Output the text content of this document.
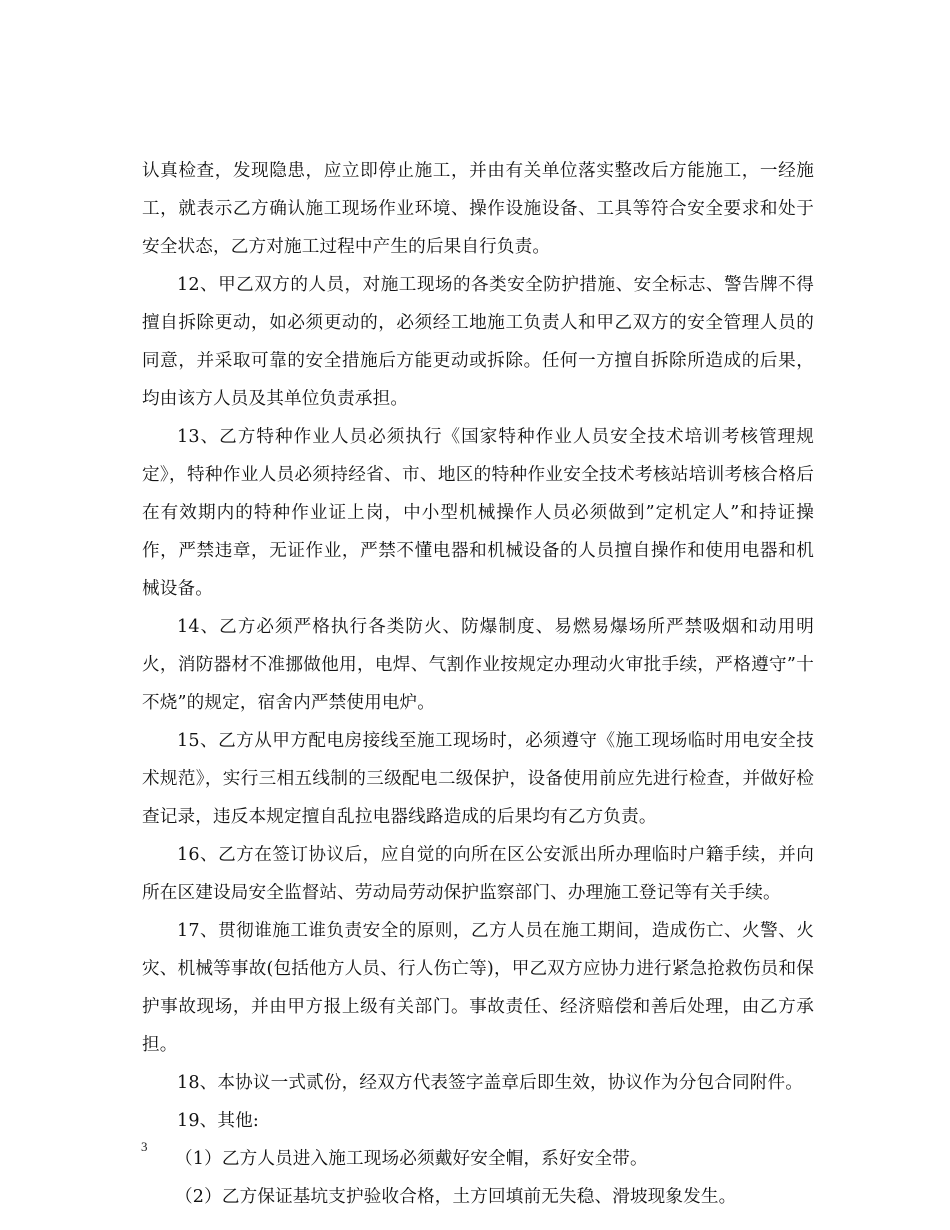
认真检查，发现隐患，应立即停止施工，并由有关单位落实整改后方能施工，一经施工，就表示乙方确认施工现场作业环境、操作设施设备、工具等符合安全要求和处于安全状态，乙方对施工过程中产生的后果自行负责。

12、甲乙双方的人员，对施工现场的各类安全防护措施、安全标志、警告牌不得擅自拆除更动，如必须更动的，必须经工地施工负责人和甲乙双方的安全管理人员的同意，并采取可靠的安全措施后方能更动或拆除。任何一方擅自拆除所造成的后果，均由该方人员及其单位负责承担。

13、乙方特种作业人员必须执行《国家特种作业人员安全技术培训考核管理规定》，特种作业人员必须持经省、市、地区的特种作业安全技术考核站培训考核合格后在有效期内的特种作业证上岗，中小型机械操作人员必须做到”定机定人”和持证操作，严禁违章，无证作业，严禁不懂电器和机械设备的人员擅自操作和使用电器和机械设备。

14、乙方必须严格执行各类防火、防爆制度、易燃易爆场所严禁吸烟和动用明火，消防器材不准挪做他用，电焊、气割作业按规定办理动火审批手续，严格遵守”十不烧”的规定，宿舍内严禁使用电炉。

15、乙方从甲方配电房接线至施工现场时，必须遵守《施工现场临时用电安全技术规范》，实行三相五线制的三级配电二级保护，设备使用前应先进行检查，并做好检查记录，违反本规定擅自乱拉电器线路造成的后果均有乙方负责。

16、乙方在签订协议后，应自觉的向所在区公安派出所办理临时户籍手续，并向所在区建设局安全监督站、劳动局劳动保护监察部门、办理施工登记等有关手续。

17、贯彻谁施工谁负责安全的原则，乙方人员在施工期间，造成伤亡、火警、火灾、机械等事故(包括他方人员、行人伤亡等)，甲乙双方应协力进行紧急抢救伤员和保护事故现场，并由甲方报上级有关部门。事故责任、经济赔偿和善后处理，由乙方承担。

18、本协议一式贰份，经双方代表签字盖章后即生效，协议作为分包合同附件。

19、其他:

（1）乙方人员进入施工现场必须戴好安全帽，系好安全带。

（2）乙方保证基坑支护验收合格，土方回填前无失稳、滑坡现象发生。

3
